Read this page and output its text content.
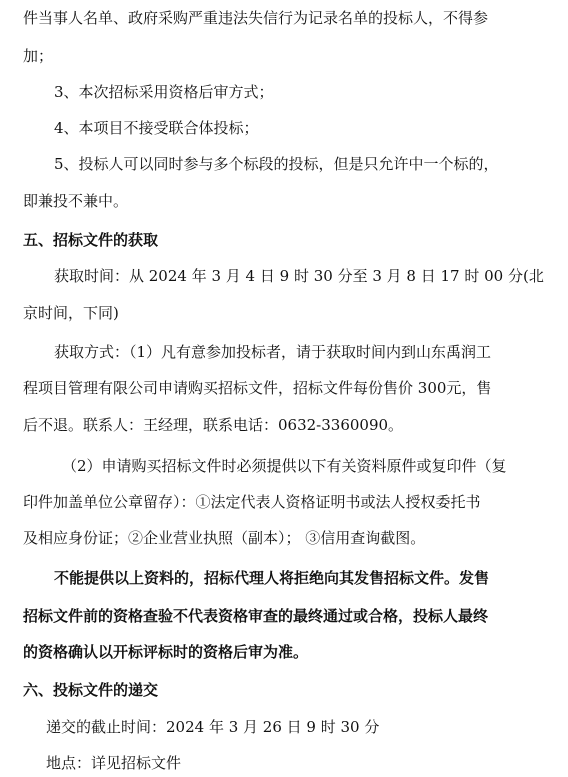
件当事人名单、政府采购严重违法失信行为记录名单的投标人，不得参
加；
3、本次招标采用资格后审方式；
4、本项目不接受联合体投标；
5、投标人可以同时参与多个标段的投标，但是只允许中一个标的，
即兼投不兼中。
五、招标文件的获取
获取时间：从 2024 年 3 月 4 日 9 时 30 分至 3 月 8 日 17 时 00 分(北
京时间，下同)
获取方式：（1）凡有意参加投标者，请于获取时间内到山东禹润工
程项目管理有限公司申请购买招标文件，招标文件每份售价 300元，售
后不退。联系人：王经理，联系电话：0632-3360090。
（2）申请购买招标文件时必须提供以下有关资料原件或复印件（复
印件加盖单位公章留存）：①法定代表人资格证明书或法人授权委托书
及相应身份证；②企业营业执照（副本）； ③信用查询截图。
不能提供以上资料的，招标代理人将拒绝向其发售招标文件。发售
招标文件前的资格查验不代表资格审查的最终通过或合格，投标人最终
的资格确认以开标评标时的资格后审为准。
六、投标文件的递交
递交的截止时间：2024 年 3 月 26 日 9 时 30 分
地点：详见招标文件
